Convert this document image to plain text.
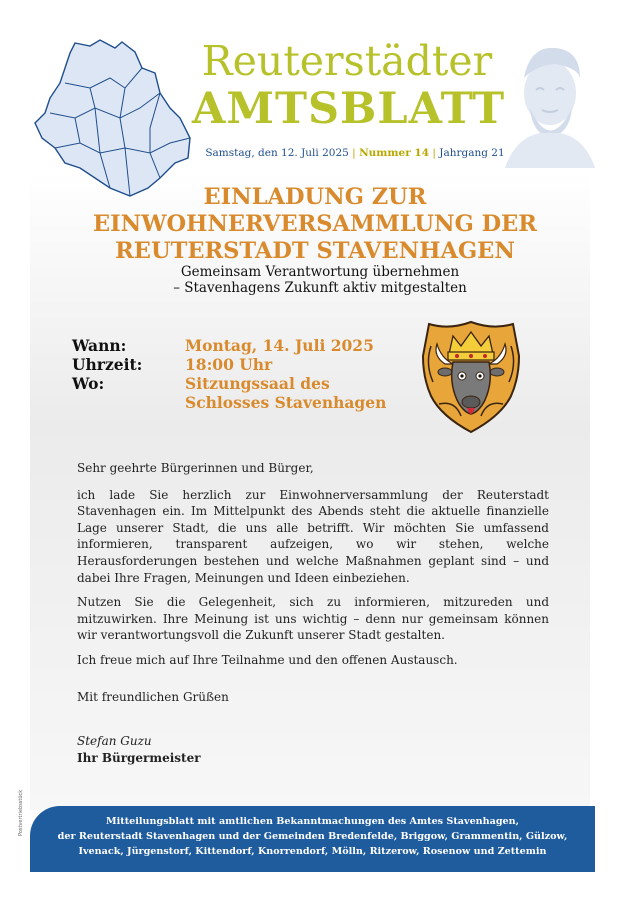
Reuterstädter
AMTSBLATT
Samstag, den 12. Juli 2025 | Nummer 14 | Jahrgang 21
EINLADUNG ZUR
EINWOHNERVERSAMMLUNG DER
REUTERSTADT STAVENHAGEN
Gemeinsam Verantwortung übernehmen
– Stavenhagens Zukunft aktiv mitgestalten
Wann:	Montag, 14. Juli 2025
Uhrzeit:	18:00 Uhr
Wo:	Sitzungssaal des
Schlosses Stavenhagen

Sehr geehrte Bürgerinnen und Bürger,

ich lade Sie herzlich zur Einwohnerversammlung der Reuterstadt Stavenhagen ein. Im Mittelpunkt des Abends steht die aktuelle finanzielle Lage unserer Stadt, die uns alle betrifft. Wir möchten Sie umfassend informieren, transparent aufzeigen, wo wir stehen, welche Herausforderungen bestehen und welche Maßnahmen geplant sind – und dabei Ihre Fragen, Meinungen und Ideen einbeziehen.

Nutzen Sie die Gelegenheit, sich zu informieren, mitzureden und mitzuwirken. Ihre Meinung ist uns wichtig – denn nur gemeinsam können wir verantwortungsvoll die Zukunft unserer Stadt gestalten.

Ich freue mich auf Ihre Teilnahme und den offenen Austausch.

Mit freundlichen Grüßen

Stefan Guzu

Ihr Bürgermeister

Mitteilungsblatt mit amtlichen Bekanntmachungen des Amtes Stavenhagen,
der Reuterstadt Stavenhagen und der Gemeinden Bredenfelde, Briggow, Grammentin, Gülzow,
Ivenack, Jürgenstorf, Kittendorf, Knorrendorf, Mölln, Ritzerow, Rosenow und Zettemin
Postvertriebsstück
